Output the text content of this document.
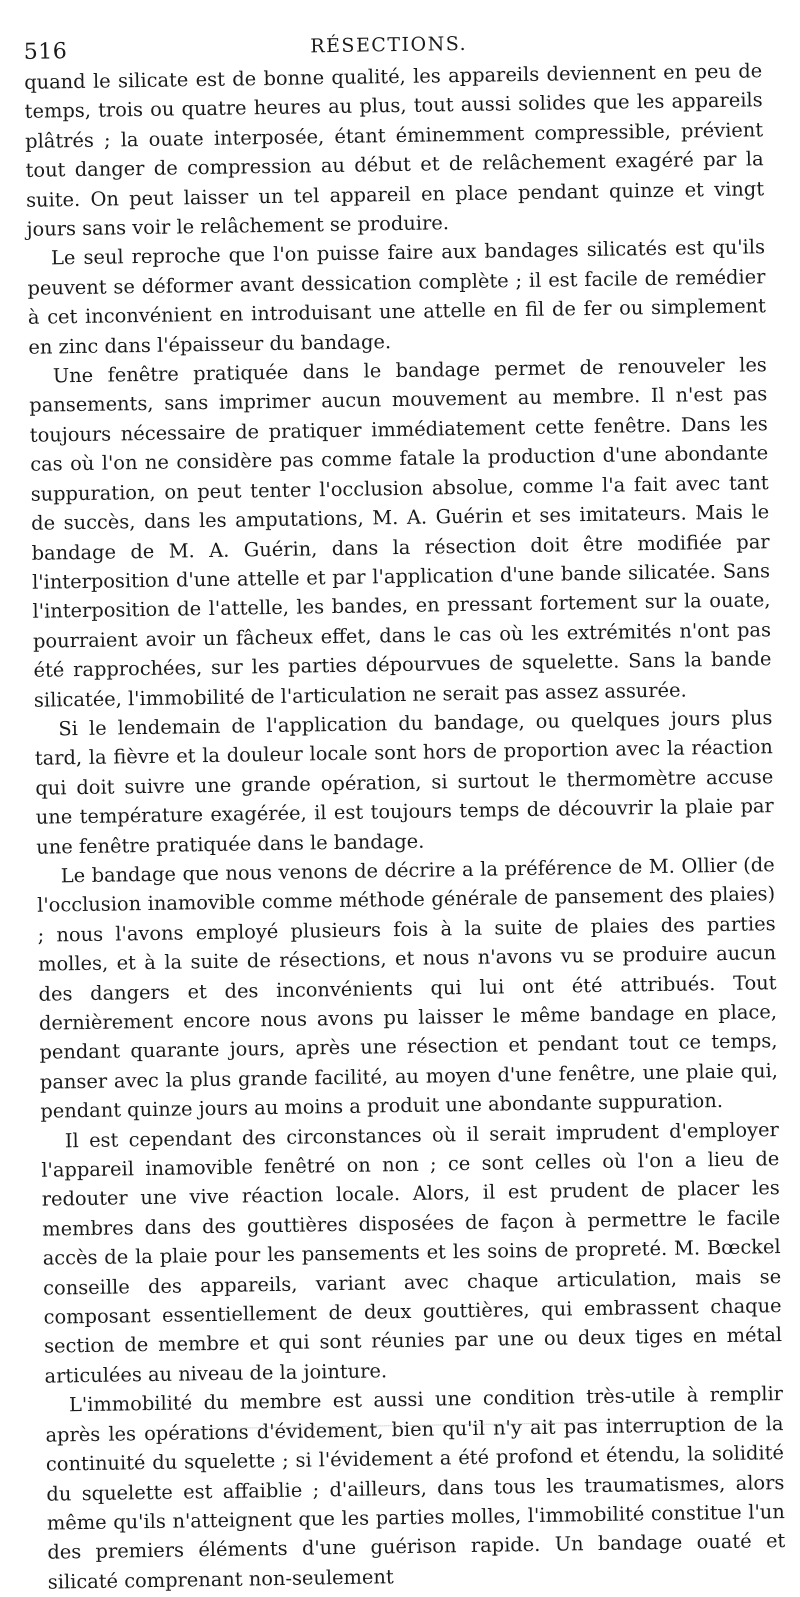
516	RÉSECTIONS.

quand le silicate est de bonne qualité, les appareils deviennent en peu de temps, trois ou quatre heures au plus, tout aussi solides que les appareils plâtrés ; la ouate interposée, étant éminemment compressible, prévient tout danger de compression au début et de relâchement exagéré par la suite. On peut laisser un tel appareil en place pendant quinze et vingt jours sans voir le relâchement se produire.

Le seul reproche que l'on puisse faire aux bandages silicatés est qu'ils peuvent se déformer avant dessication complète ; il est facile de remédier à cet inconvénient en introduisant une attelle en fil de fer ou simplement en zinc dans l'épaisseur du bandage.

Une fenêtre pratiquée dans le bandage permet de renouveler les pansements, sans imprimer aucun mouvement au membre. Il n'est pas toujours nécessaire de pratiquer immédiatement cette fenêtre. Dans les cas où l'on ne considère pas comme fatale la production d'une abondante suppuration, on peut tenter l'occlusion absolue, comme l'a fait avec tant de succès, dans les amputations, M. A. Guérin et ses imitateurs. Mais le bandage de M. A. Guérin, dans la résection doit être modifiée par l'interposition d'une attelle et par l'application d'une bande silicatée. Sans l'interposition de l'attelle, les bandes, en pressant fortement sur la ouate, pourraient avoir un fâcheux effet, dans le cas où les extrémités n'ont pas été rapprochées, sur les parties dépourvues de squelette. Sans la bande silicatée, l'immobilité de l'articulation ne serait pas assez assurée.

Si le lendemain de l'application du bandage, ou quelques jours plus tard, la fièvre et la douleur locale sont hors de proportion avec la réaction qui doit suivre une grande opération, si surtout le thermomètre accuse une température exagérée, il est toujours temps de découvrir la plaie par une fenêtre pratiquée dans le bandage.

Le bandage que nous venons de décrire a la préférence de M. Ollier (de l'occlusion inamovible comme méthode générale de pansement des plaies) ; nous l'avons employé plusieurs fois à la suite de plaies des parties molles, et à la suite de résections, et nous n'avons vu se produire aucun des dangers et des inconvénients qui lui ont été attribués. Tout dernièrement encore nous avons pu laisser le même bandage en place, pendant quarante jours, après une résection et pendant tout ce temps, panser avec la plus grande facilité, au moyen d'une fenêtre, une plaie qui, pendant quinze jours au moins a produit une abondante suppuration.

Il est cependant des circonstances où il serait imprudent d'employer l'appareil inamovible fenêtré on non ; ce sont celles où l'on a lieu de redouter une vive réaction locale. Alors, il est prudent de placer les membres dans des gouttières disposées de façon à permettre le facile accès de la plaie pour les pansements et les soins de propreté. M. Bœckel conseille des appareils, variant avec chaque articulation, mais se composant essentiellement de deux gouttières, qui embrassent chaque section de membre et qui sont réunies par une ou deux tiges en métal articulées au niveau de la jointure.

L'immobilité du membre est aussi une condition très-utile à remplir après les opérations d'évidement, bien qu'il n'y ait pas interruption de la continuité du squelette ; si l'évidement a été profond et étendu, la solidité du squelette est affaiblie ; d'ailleurs, dans tous les traumatismes, alors même qu'ils n'atteignent que les parties molles, l'immobilité constitue l'un des premiers éléments d'une guérison rapide. Un bandage ouaté et silicaté comprenant non-seulement
